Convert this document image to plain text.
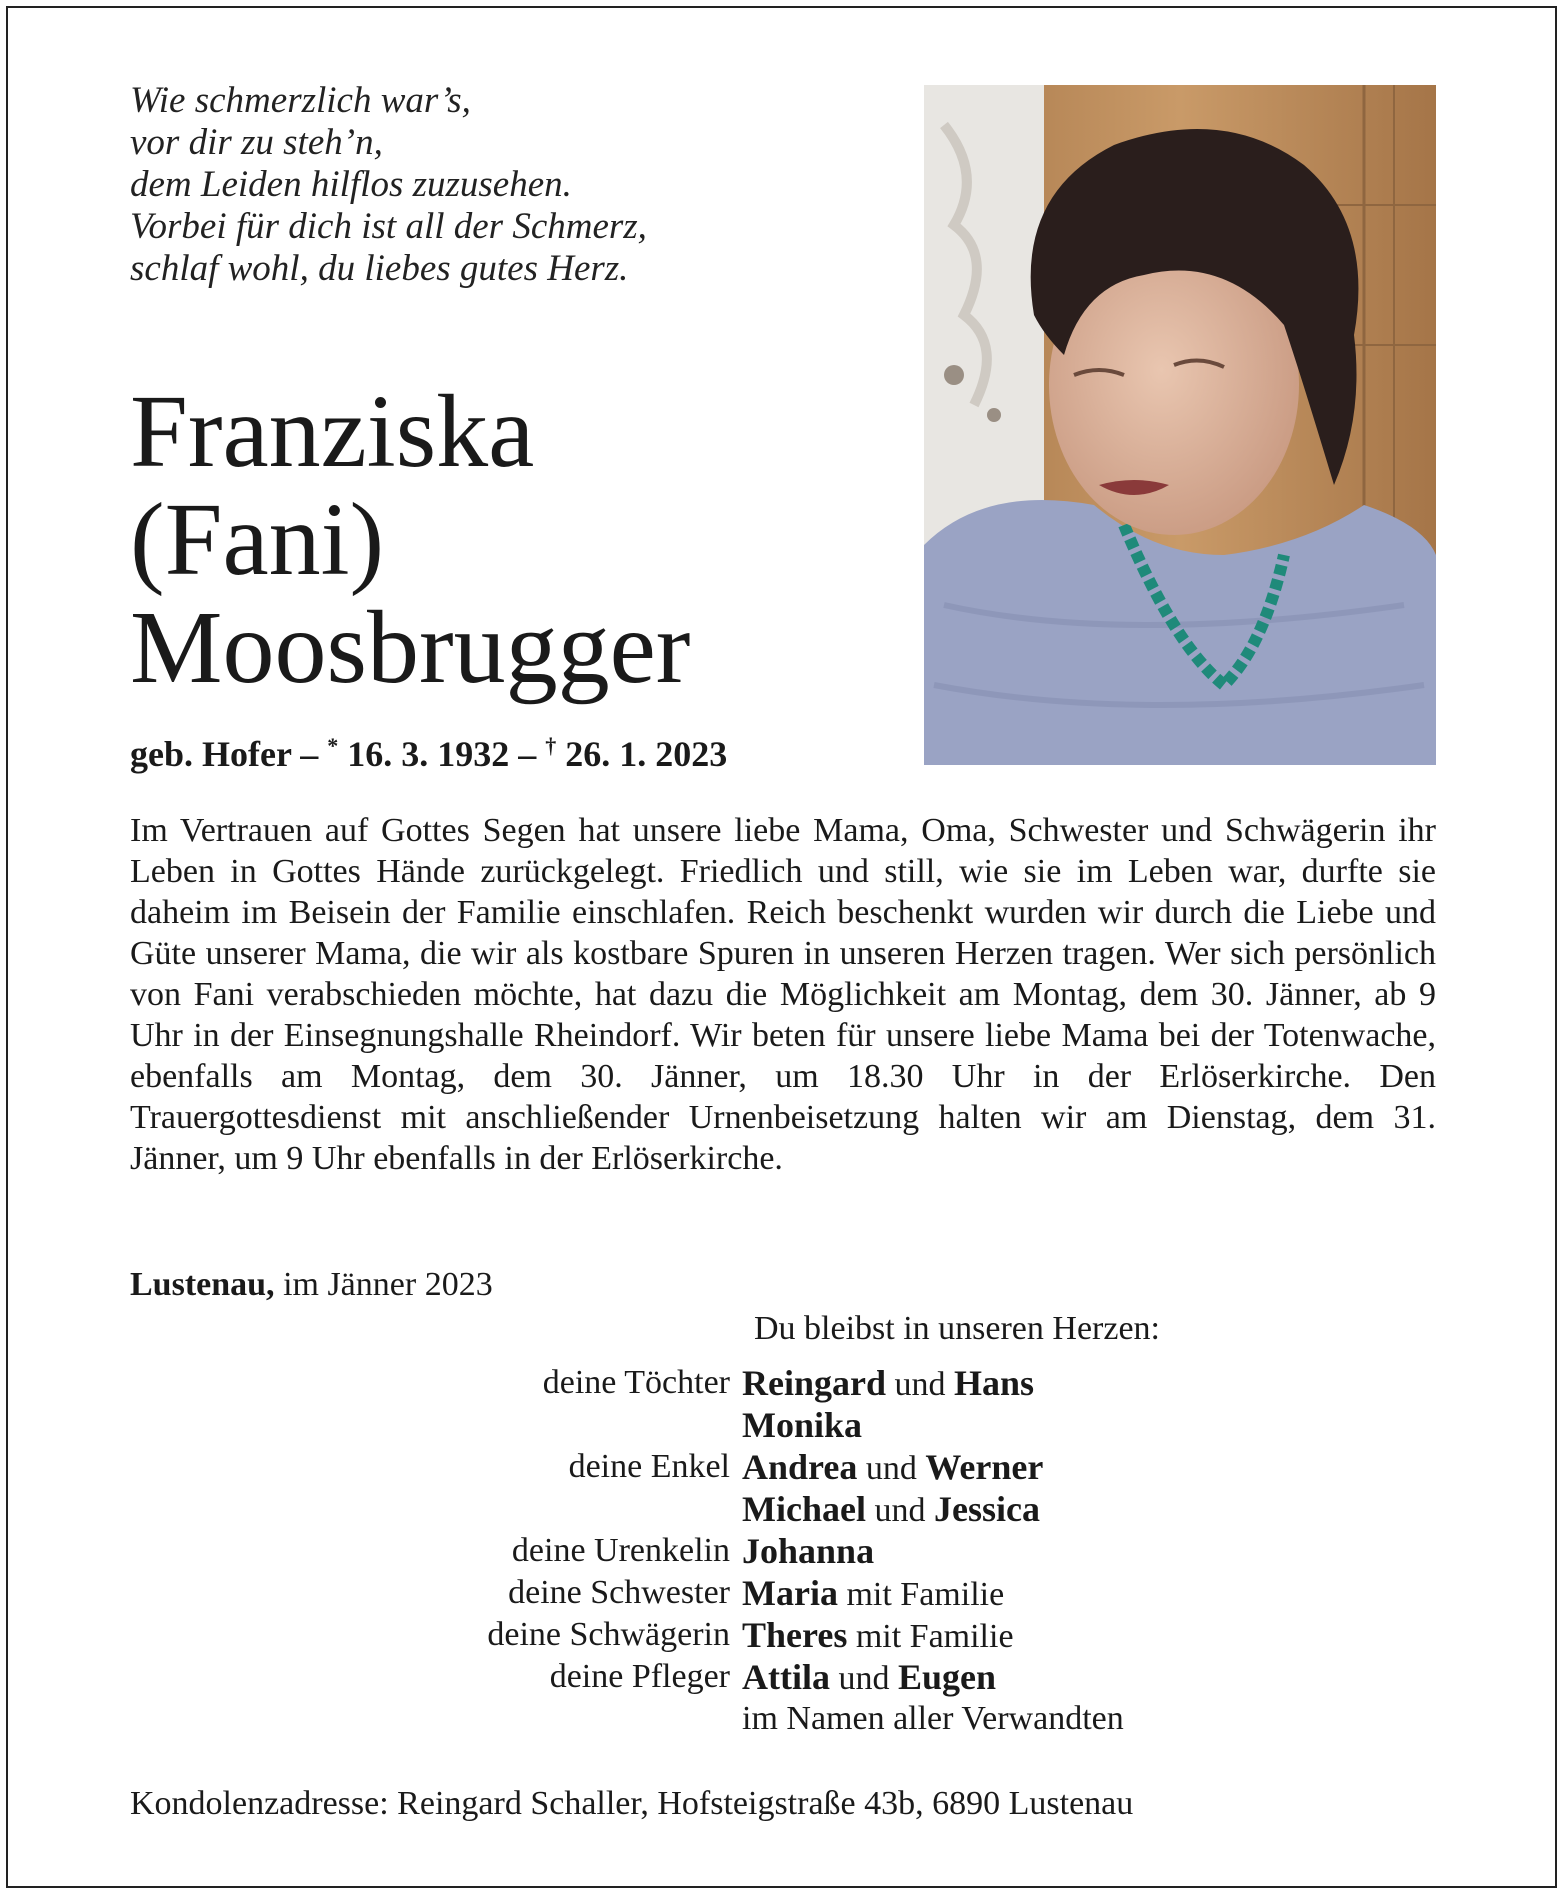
Wie schmerzlich war’s,
vor dir zu steh’n,
dem Leiden hilflos zuzusehen.
Vorbei für dich ist all der Schmerz,
schlaf wohl, du liebes gutes Herz.
Franziska
(Fani)
Moosbrugger
geb. Hofer – * 16. 3. 1932 – † 26. 1. 2023
Im Vertrauen auf Gottes Segen hat unsere liebe Mama, Oma, Schwester und Schwägerin ihr Leben in Gottes Hände zurückgelegt. Friedlich und still, wie sie im Leben war, durfte sie daheim im Beisein der Familie einschlafen. Reich beschenkt wurden wir durch die Liebe und Güte unserer Mama, die wir als kostbare Spuren in unseren Herzen tragen. Wer sich persönlich von Fani verabschieden möchte, hat dazu die Möglichkeit am Montag, dem 30. Jänner, ab 9 Uhr in der Einsegnungshalle Rheindorf. Wir beten für unsere liebe Mama bei der Totenwache, ebenfalls am Montag, dem 30. Jänner, um 18.30 Uhr in der Erlöserkirche. Den Trauergottesdienst mit anschließender Urnenbeisetzung halten wir am Dienstag, dem 31. Jänner, um 9 Uhr ebenfalls in der Erlöserkirche.
Lustenau, im Jänner 2023
Du bleibst in unseren Herzen:
deine Töchter Reingard und Hans
Monika
deine Enkel Andrea und Werner
Michael und Jessica
deine Urenkelin Johanna
deine Schwester Maria mit Familie
deine Schwägerin Theres mit Familie
deine Pfleger Attila und Eugen
im Namen aller Verwandten
Kondolenzadresse: Reingard Schaller, Hofsteigstraße 43b, 6890 Lustenau
